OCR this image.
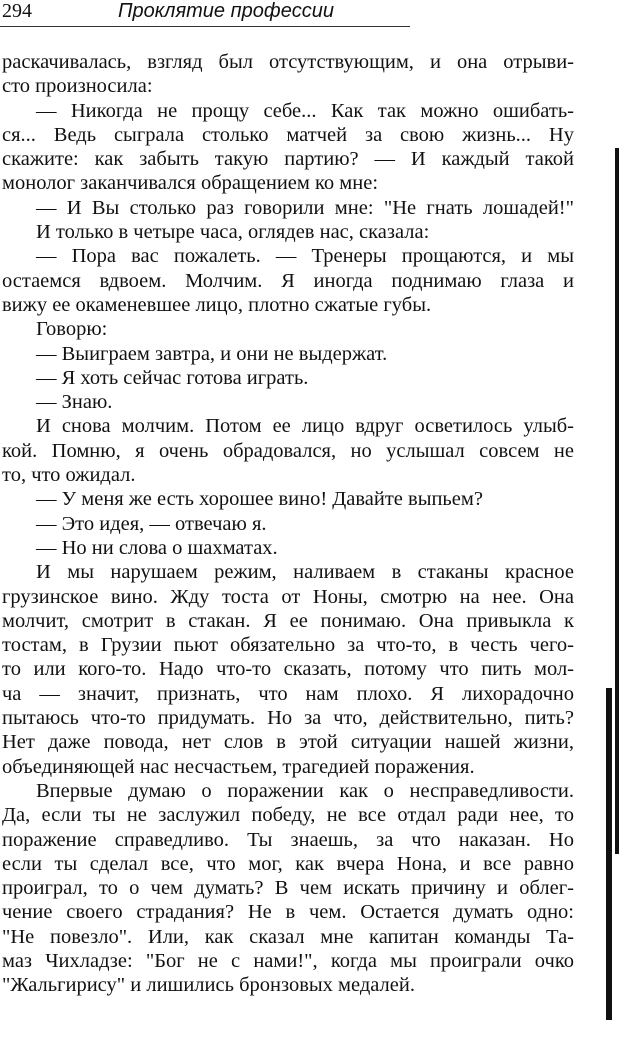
294	Проклятие профессии
раскачивалась, взгляд был отсутствующим, и она отрыви-
сто произносила:
— Никогда не прощу себе... Как так можно ошибать-
ся... Ведь сыграла столько матчей за свою жизнь... Ну
скажите: как забыть такую партию? — И каждый такой
монолог заканчивался обращением ко мне:
— И Вы столько раз говорили мне: "Не гнать лошадей!"
И только в четыре часа, оглядев нас, сказала:
— Пора вас пожалеть. — Тренеры прощаются, и мы
остаемся вдвоем. Молчим. Я иногда поднимаю глаза и
вижу ее окаменевшее лицо, плотно сжатые губы.
Говорю:
— Выиграем завтра, и они не выдержат.
— Я хоть сейчас готова играть.
— Знаю.
И снова молчим. Потом ее лицо вдруг осветилось улыб-
кой. Помню, я очень обрадовался, но услышал совсем не
то, что ожидал.
— У меня же есть хорошее вино! Давайте выпьем?
— Это идея, — отвечаю я.
— Но ни слова о шахматах.
И мы нарушаем режим, наливаем в стаканы красное
грузинское вино. Жду тоста от Ноны, смотрю на нее. Она
молчит, смотрит в стакан. Я ее понимаю. Она привыкла к
тостам, в Грузии пьют обязательно за что-то, в честь чего-
то или кого-то. Надо что-то сказать, потому что пить мол-
ча — значит, признать, что нам плохо. Я лихорадочно
пытаюсь что-то придумать. Но за что, действительно, пить?
Нет даже повода, нет слов в этой ситуации нашей жизни,
объединяющей нас несчастьем, трагедией поражения.
Впервые думаю о поражении как о несправедливости.
Да, если ты не заслужил победу, не все отдал ради нее, то
поражение справедливо. Ты знаешь, за что наказан. Но
если ты сделал все, что мог, как вчера Нона, и все равно
проиграл, то о чем думать? В чем искать причину и облег-
чение своего страдания? Не в чем. Остается думать одно:
"Не повезло". Или, как сказал мне капитан команды Та-
маз Чихладзе: "Бог не с нами!", когда мы проиграли очко
"Жальгирису" и лишились бронзовых медалей.
